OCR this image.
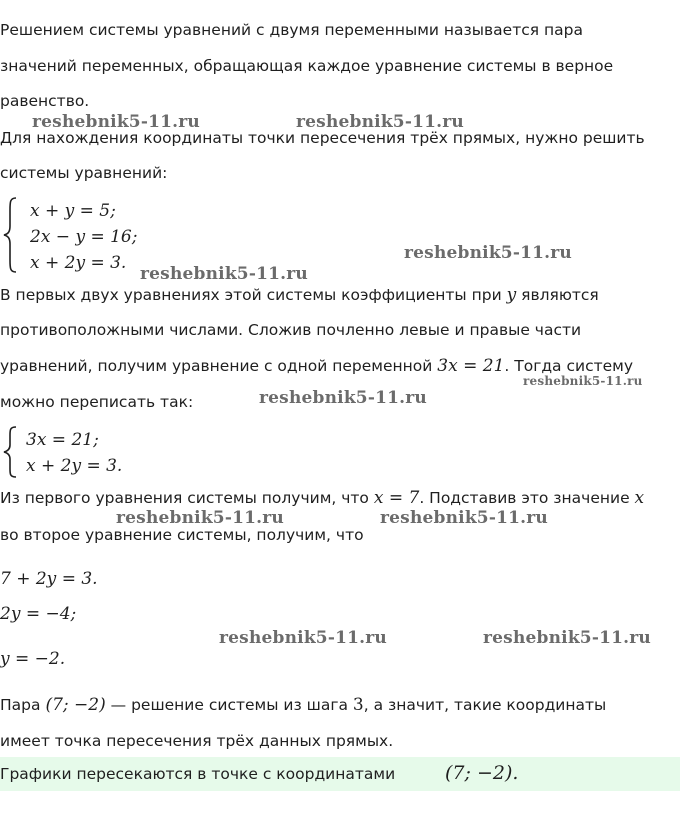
Решением системы уравнений с двумя переменными называется пара
значений переменных, обращающая каждое уравнение системы в верное
равенство.
Для нахождения координаты точки пересечения трёх прямых, нужно решить
системы уравнений:
x + y = 5;
2x − y = 16;
x + 2y = 3.
В первых двух уравнениях этой системы коэффициенты при y являются
противоположными числами. Сложив почленно левые и правые части
уравнений, получим уравнение с одной переменной 3x = 21. Тогда систему
можно переписать так:
3x = 21;
x + 2y = 3.
Из первого уравнения системы получим, что x = 7. Подставив это значение x
во второе уравнение системы, получим, что
7 + 2y = 3.
2y = −4;
y = −2.
Пара (7; −2) — решение системы из шага 3, а значит, такие координаты
имеет точка пересечения трёх данных прямых.
Графики пересекаются в точке с координатами	(7; −2).
reshebnik5-11.ru	reshebnik5-11.ru
reshebnik5-11.ru
reshebnik5-11.ru
reshebnik5-11.ru
reshebnik5-11.ru
reshebnik5-11.ru	reshebnik5-11.ru
reshebnik5-11.ru	reshebnik5-11.ru
